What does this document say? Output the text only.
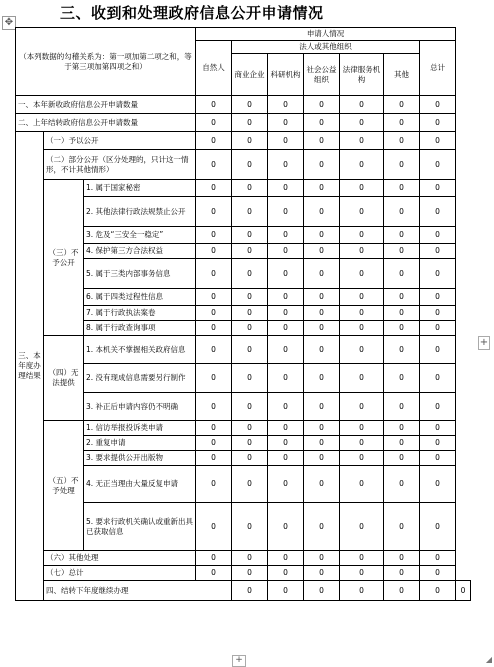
三、收到和处理政府信息公开申请情况
✥
+
+	◢
（本列数据的勾稽关系为：第一项加第二项之和，等于第三项加第四项之和）			申请人情况							
			自然人	法人或其他组织					总计	
				商业企业	科研机构	社会公益组织	法律服务机构	其他		
一、本年新收政府信息公开申请数量			0	0	0	0	0	0	0	
二、上年结转政府信息公开申请数量			0	0	0	0	0	0	0	
三、本年度办理结果	（一）予以公开		0	0	0	0	0	0	0	
	（二）部分公开（区分处理的，只计这一情形，不计其他情形）		0	0	0	0	0	0	0	
	（三）不予公开	1. 属于国家秘密	0	0	0	0	0	0	0	
		2. 其他法律行政法规禁止公开	0	0	0	0	0	0	0	
		3. 危及“三安全一稳定”	0	0	0	0	0	0	0	
		4. 保护第三方合法权益	0	0	0	0	0	0	0	
		5. 属于三类内部事务信息	0	0	0	0	0	0	0	
		6. 属于四类过程性信息	0	0	0	0	0	0	0	
		7. 属于行政执法案卷	0	0	0	0	0	0	0	
		8. 属于行政查询事项	0	0	0	0	0	0	0	
	（四）无法提供	1. 本机关不掌握相关政府信息	0	0	0	0	0	0	0	
		2. 没有现成信息需要另行制作	0	0	0	0	0	0	0	
		3. 补正后申请内容仍不明确	0	0	0	0	0	0	0	
	（五）不予处理	1. 信访举报投诉类申请	0	0	0	0	0	0	0	
		2. 重复申请	0	0	0	0	0	0	0	
		3. 要求提供公开出版物	0	0	0	0	0	0	0	
		4. 无正当理由大量反复申请	0	0	0	0	0	0	0	
		5. 要求行政机关确认或重新出具已获取信息	0	0	0	0	0	0	0	
	（六）其他处理		0	0	0	0	0	0	0	
	（七）总计		0	0	0	0	0	0	0	
	四、结转下年度继续办理			0	0	0	0	0	0	0
